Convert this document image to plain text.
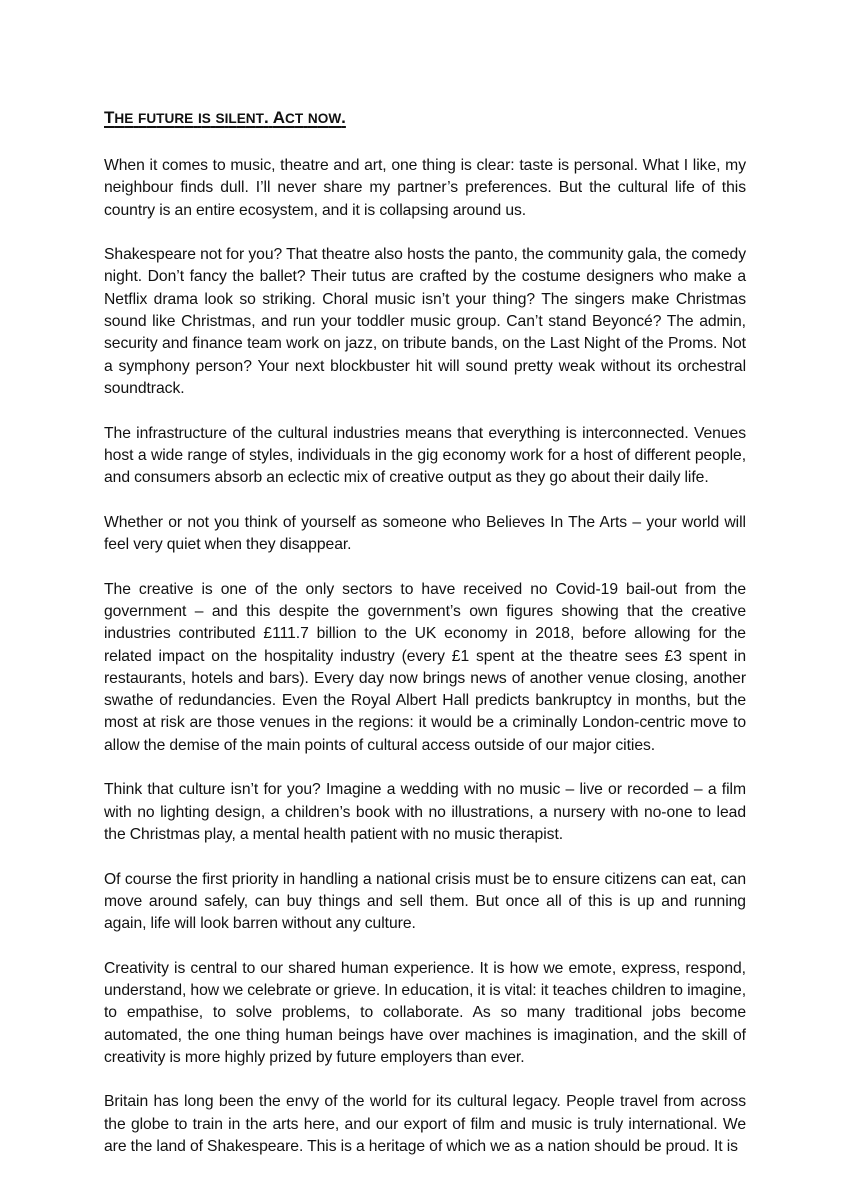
THE FUTURE IS SILENT. ACT NOW.

When it comes to music, theatre and art, one thing is clear: taste is personal. What I like, my neighbour finds dull. I’ll never share my partner’s preferences. But the cultural life of this country is an entire ecosystem, and it is collapsing around us.

Shakespeare not for you? That theatre also hosts the panto, the community gala, the comedy night. Don’t fancy the ballet? Their tutus are crafted by the costume designers who make a Netflix drama look so striking. Choral music isn’t your thing? The singers make Christmas sound like Christmas, and run your toddler music group. Can’t stand Beyoncé? The admin, security and finance team work on jazz, on tribute bands, on the Last Night of the Proms. Not a symphony person? Your next blockbuster hit will sound pretty weak without its orchestral soundtrack.

The infrastructure of the cultural industries means that everything is interconnected. Venues host a wide range of styles, individuals in the gig economy work for a host of different people, and consumers absorb an eclectic mix of creative output as they go about their daily life.

Whether or not you think of yourself as someone who Believes In The Arts – your world will feel very quiet when they disappear.

The creative is one of the only sectors to have received no Covid-19 bail-out from the government – and this despite the government’s own figures showing that the creative industries contributed £111.7 billion to the UK economy in 2018, before allowing for the related impact on the hospitality industry (every £1 spent at the theatre sees £3 spent in restaurants, hotels and bars). Every day now brings news of another venue closing, another swathe of redundancies. Even the Royal Albert Hall predicts bankruptcy in months, but the most at risk are those venues in the regions: it would be a criminally London-centric move to allow the demise of the main points of cultural access outside of our major cities.

Think that culture isn’t for you? Imagine a wedding with no music – live or recorded – a film with no lighting design, a children’s book with no illustrations, a nursery with no-one to lead the Christmas play, a mental health patient with no music therapist.

Of course the first priority in handling a national crisis must be to ensure citizens can eat, can move around safely, can buy things and sell them. But once all of this is up and running again, life will look barren without any culture.

Creativity is central to our shared human experience. It is how we emote, express, respond, understand, how we celebrate or grieve. In education, it is vital: it teaches children to imagine, to empathise, to solve problems, to collaborate. As so many traditional jobs become automated, the one thing human beings have over machines is imagination, and the skill of creativity is more highly prized by future employers than ever.

Britain has long been the envy of the world for its cultural legacy. People travel from across the globe to train in the arts here, and our export of film and music is truly international. We are the land of Shakespeare. This is a heritage of which we as a nation should be proud. It is
